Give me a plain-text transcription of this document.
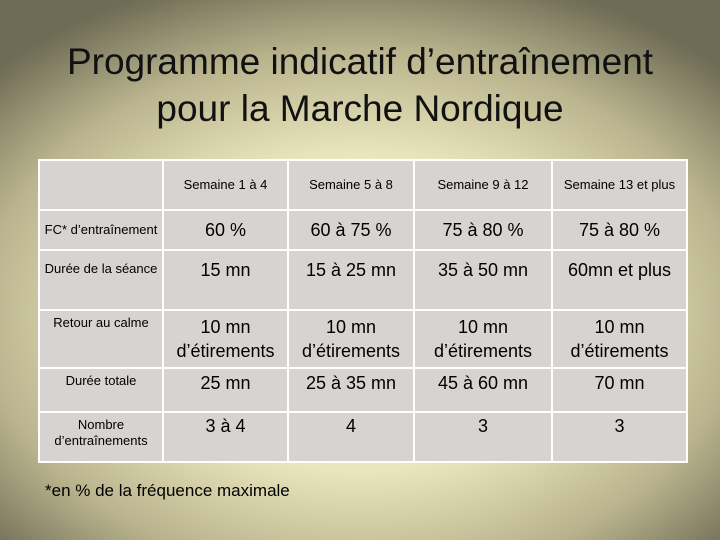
Programme indicatif d’entraînement
pour la Marche Nordique
	Semaine 1 à 4	Semaine 5 à 8	Semaine 9 à 12	Semaine 13 et plus
FC* d’entraînement	60 %	60 à 75 %	75 à 80 %	75 à 80 %
Durée de la séance	15 mn	15 à 25 mn	35 à 50 mn	60mn et plus
Retour au calme	10 mn d’étirements	10 mn d’étirements	10 mn d’étirements	10 mn d’étirements
Durée totale	25 mn	25 à 35 mn	45 à 60 mn	70 mn
Nombre d’entraînements	3 à 4	4	3	3
*en % de la fréquence maximale
